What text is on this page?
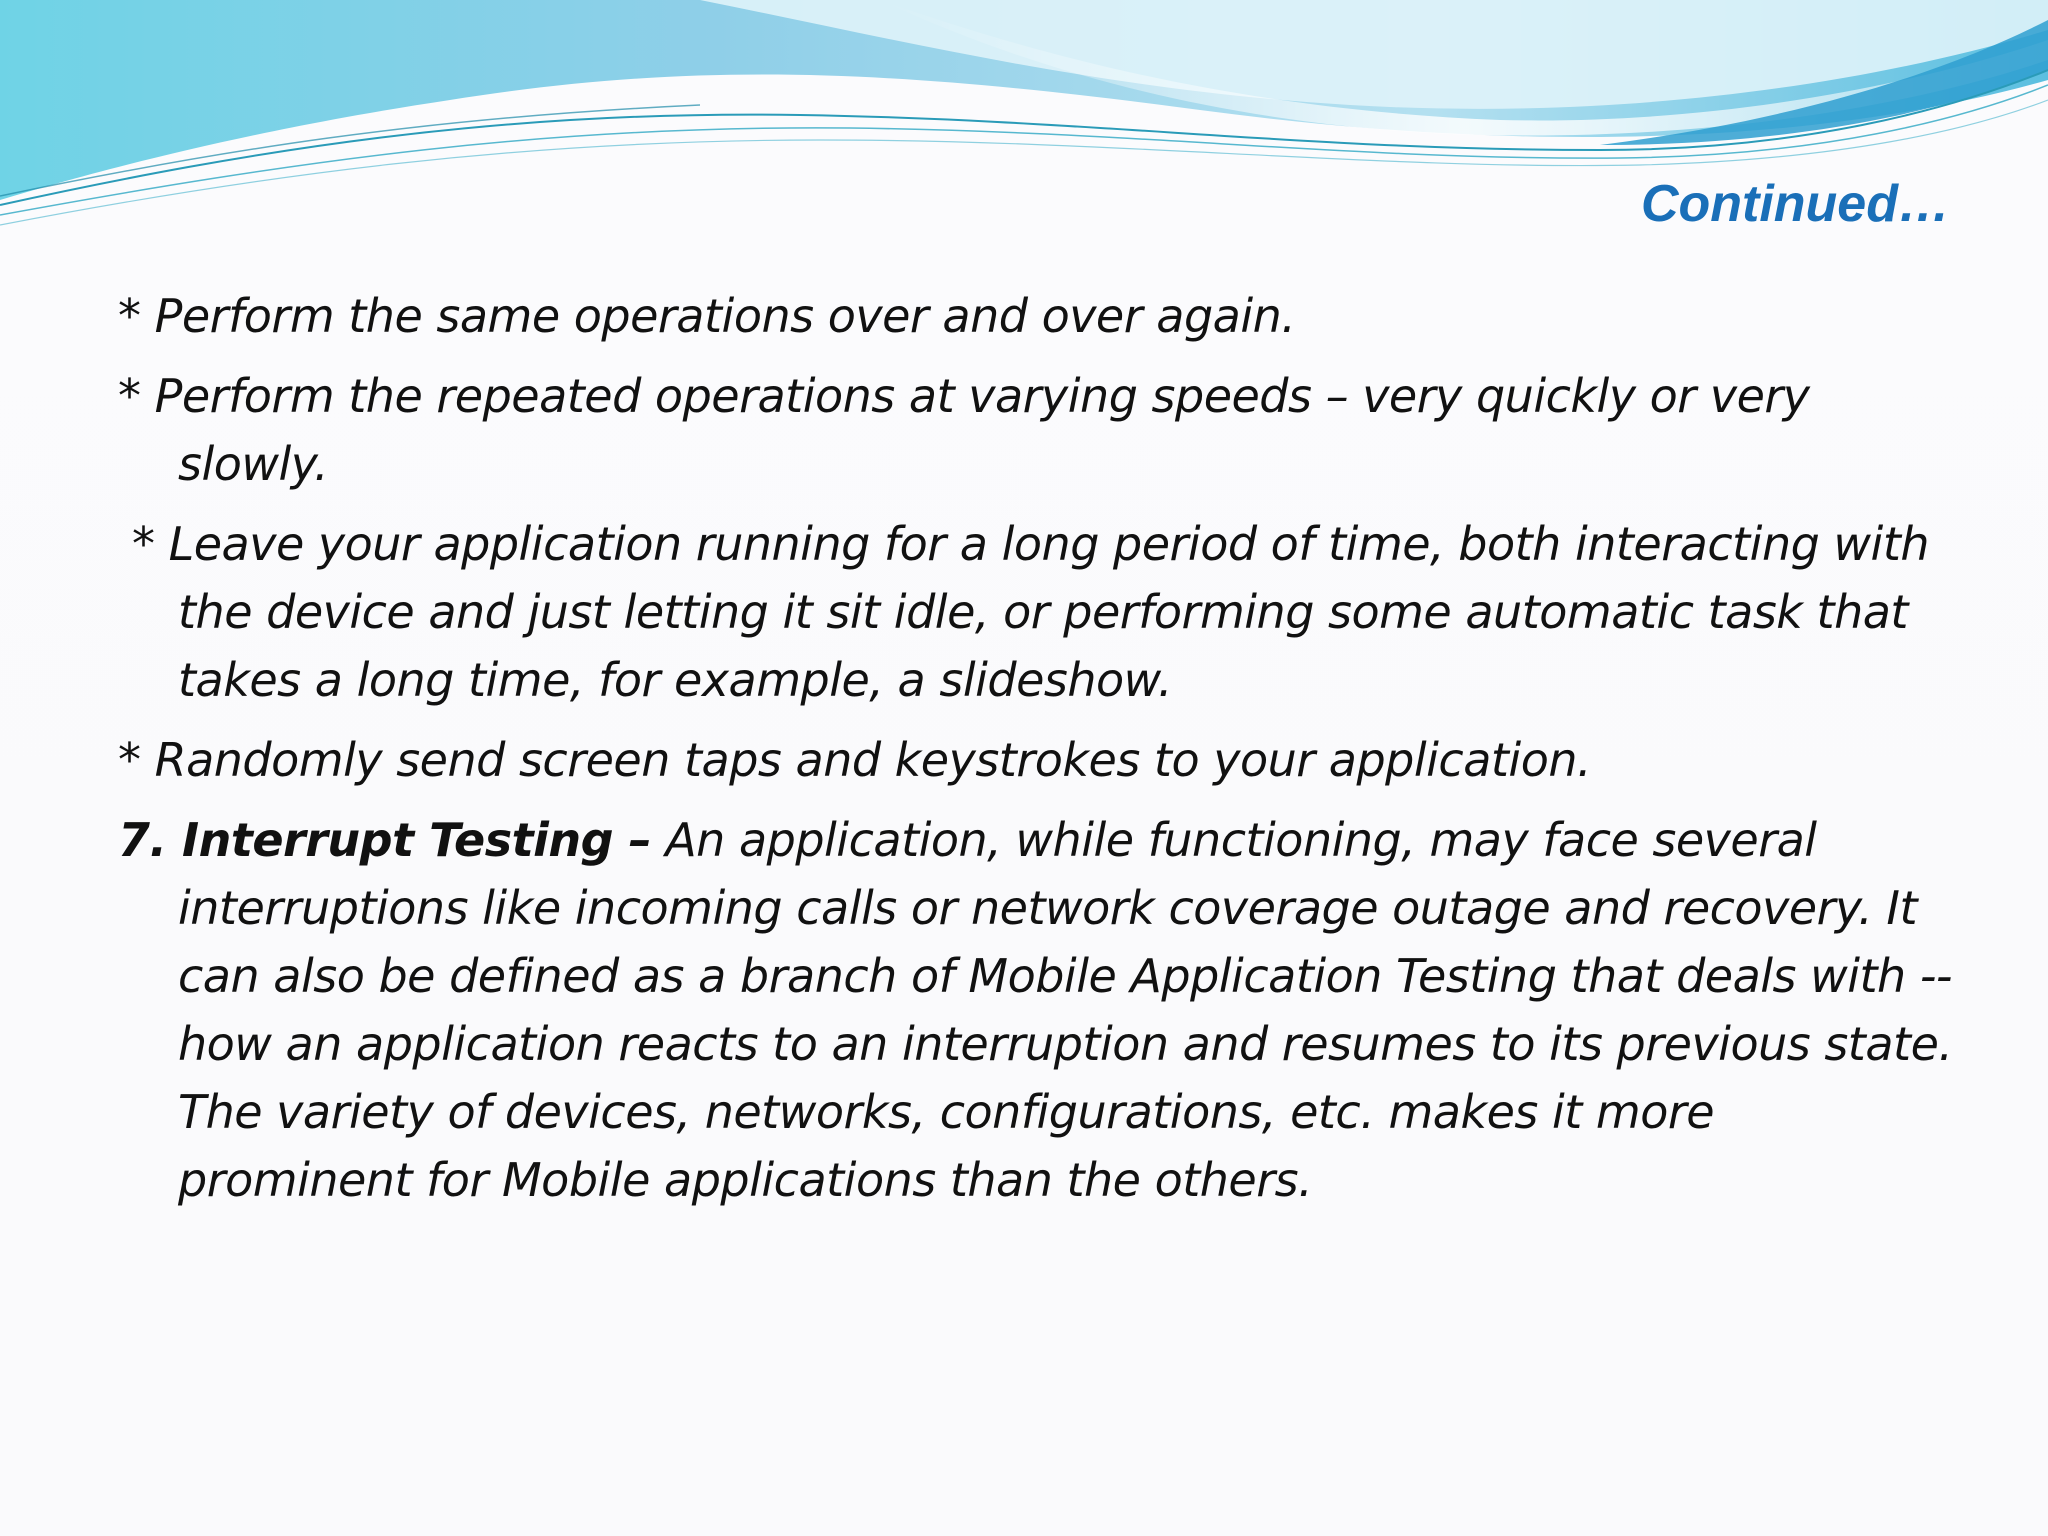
Continued…

* Perform the same operations over and over again.

* Perform the repeated operations at varying speeds – very quickly or very slowly.

* Leave your application running for a long period of time, both interacting with the device and just letting it sit idle, or performing some automatic task that takes a long time, for example, a slideshow.

* Randomly send screen taps and keystrokes to your application.

7. Interrupt Testing – An application, while functioning, may face several interruptions like incoming calls or network coverage outage and recovery. It can also be defined as a branch of Mobile Application Testing that deals with --how an application reacts to an interruption and resumes to its previous state. The variety of devices, networks, configurations, etc. makes it more prominent for Mobile applications than the others.
